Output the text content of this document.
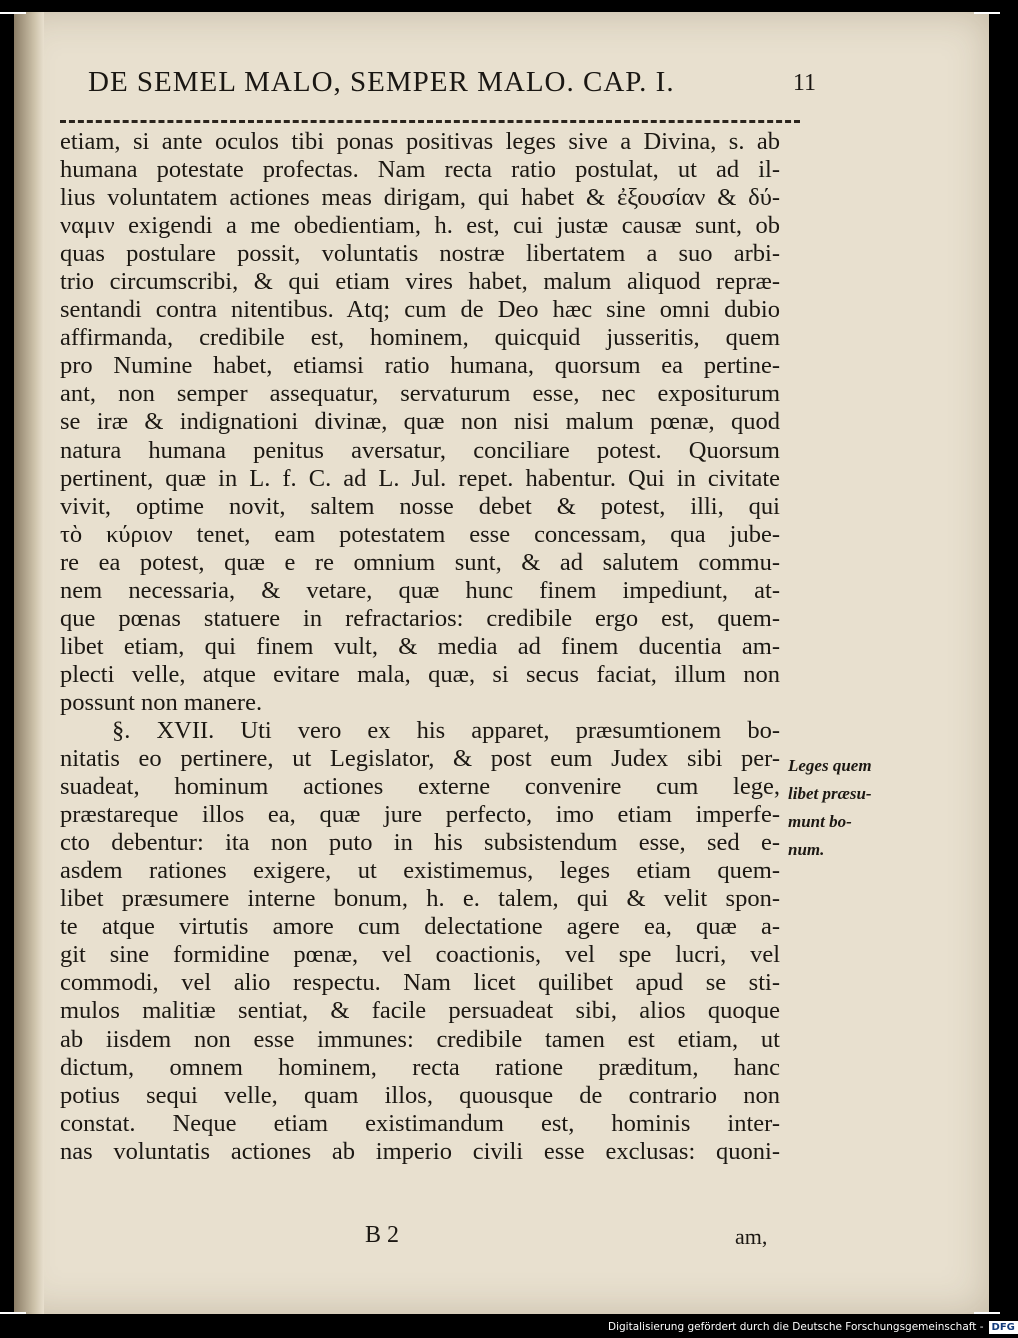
DE SEMEL MALO, SEMPER MALO. CAP. I.	11
etiam, si ante oculos tibi ponas positivas leges sive a Divina, s. ab
humana potestate profectas. Nam recta ratio postulat, ut ad il-
lius voluntatem actiones meas dirigam, qui habet & ἐξουσίαν & δύ-
ναμιν exigendi a me obedientiam, h. est, cui justæ causæ sunt, ob
quas postulare possit, voluntatis nostræ libertatem a suo arbi-
trio circumscribi, & qui etiam vires habet, malum aliquod repræ-
sentandi contra nitentibus. Atq; cum de Deo hæc sine omni dubio
affirmanda, credibile est, hominem, quicquid jusseritis, quem
pro Numine habet, etiamsi ratio humana, quorsum ea pertine-
ant, non semper assequatur, servaturum esse, nec expositurum
se iræ & indignationi divinæ, quæ non nisi malum pœnæ, quod
natura humana penitus aversatur, conciliare potest. Quorsum
pertinent, quæ in L. f. C. ad L. Jul. repet. habentur. Qui in civitate
vivit, optime novit, saltem nosse debet & potest, illi, qui
τὸ κύριον tenet, eam potestatem esse concessam, qua jube-
re ea potest, quæ e re omnium sunt, & ad salutem commu-
nem necessaria, & vetare, quæ hunc finem impediunt, at-
que pœnas statuere in refractarios: credibile ergo est, quem-
libet etiam, qui finem vult, & media ad finem ducentia am-
plecti velle, atque evitare mala, quæ, si secus faciat, illum non
possunt non manere.
§. XVII. Uti vero ex his apparet, præsumtionem bo-
nitatis eo pertinere, ut Legislator, & post eum Judex sibi per-
suadeat, hominum actiones externe convenire cum lege,
præstareque illos ea, quæ jure perfecto, imo etiam imperfe-
cto debentur: ita non puto in his subsistendum esse, sed e-
asdem rationes exigere, ut existimemus, leges etiam quem-
libet præsumere interne bonum, h. e. talem, qui & velit spon-
te atque virtutis amore cum delectatione agere ea, quæ a-
git sine formidine pœnæ, vel coactionis, vel spe lucri, vel
commodi, vel alio respectu. Nam licet quilibet apud se sti-
mulos malitiæ sentiat, & facile persuadeat sibi, alios quoque
ab iisdem non esse immunes: credibile tamen est etiam, ut
dictum, omnem hominem, recta ratione præditum, hanc
potius sequi velle, quam illos, quousque de contrario non
constat. Neque etiam existimandum est, hominis inter-
nas voluntatis actiones ab imperio civili esse exclusas: quoni-
Leges quem
libet præsu-
munt bo-
num.
B 2	am,
Digitalisierung gefördert durch die Deutsche Forschungsgemeinschaft - DFG
